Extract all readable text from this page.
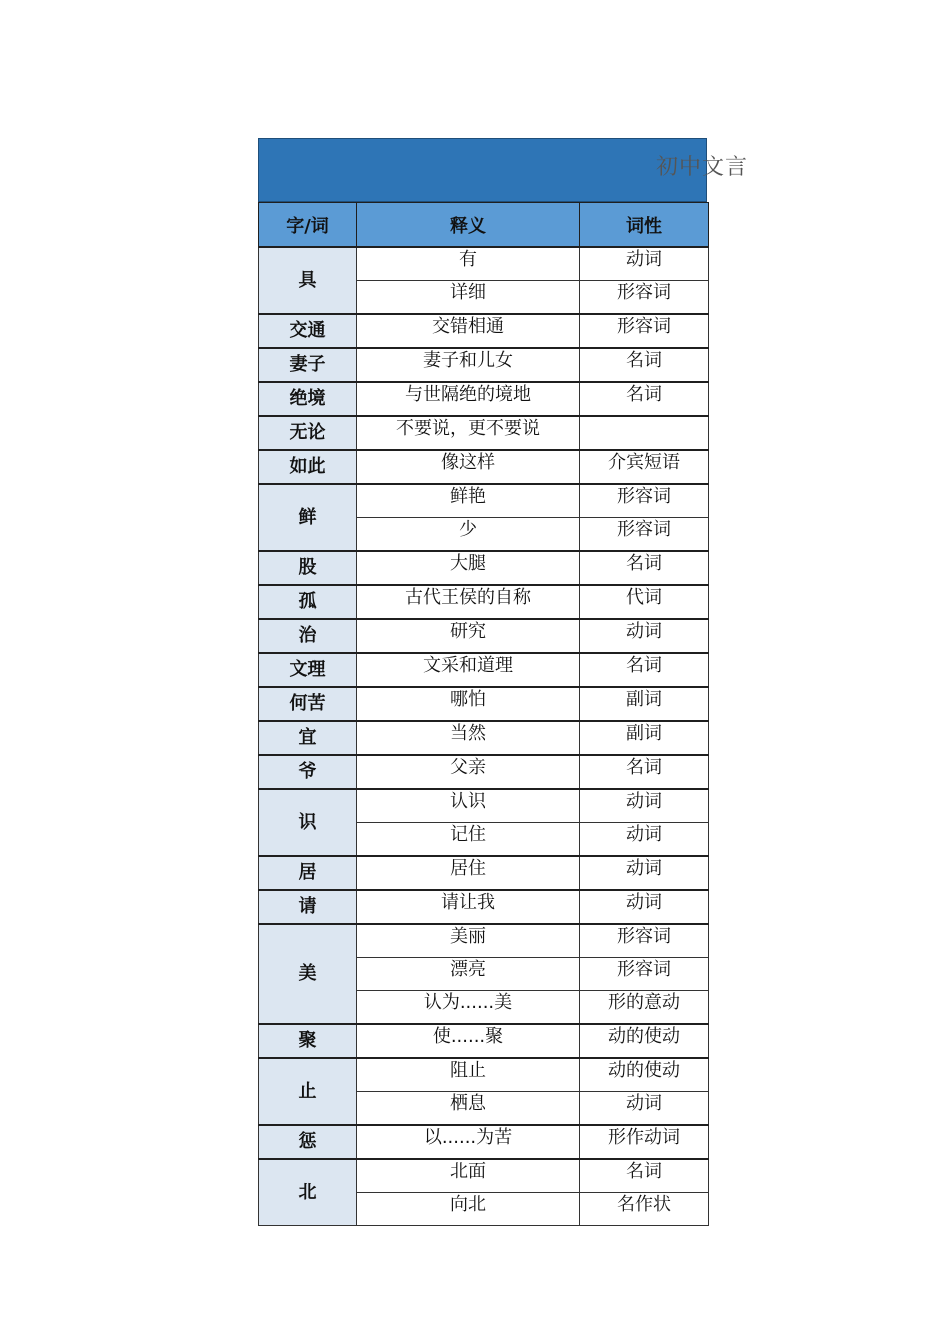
初中文言
字/词	释义	词性
具	有	动词
	详细	形容词
交通	交错相通	形容词
妻子	妻子和儿女	名词
绝境	与世隔绝的境地	名词
无论	不要说，更不要说	
如此	像这样	介宾短语
鲜	鲜艳	形容词
	少	形容词
股	大腿	名词
孤	古代王侯的自称	代词
治	研究	动词
文理	文采和道理	名词
何苦	哪怕	副词
宜	当然	副词
爷	父亲	名词
识	认识	动词
	记住	动词
居	居住	动词
请	请让我	动词
美	美丽	形容词
	漂亮	形容词
	认为......美	形的意动
聚	使......聚	动的使动
止	阻止	动的使动
	栖息	动词
惩	以......为苦	形作动词
北	北面	名词
	向北	名作状
